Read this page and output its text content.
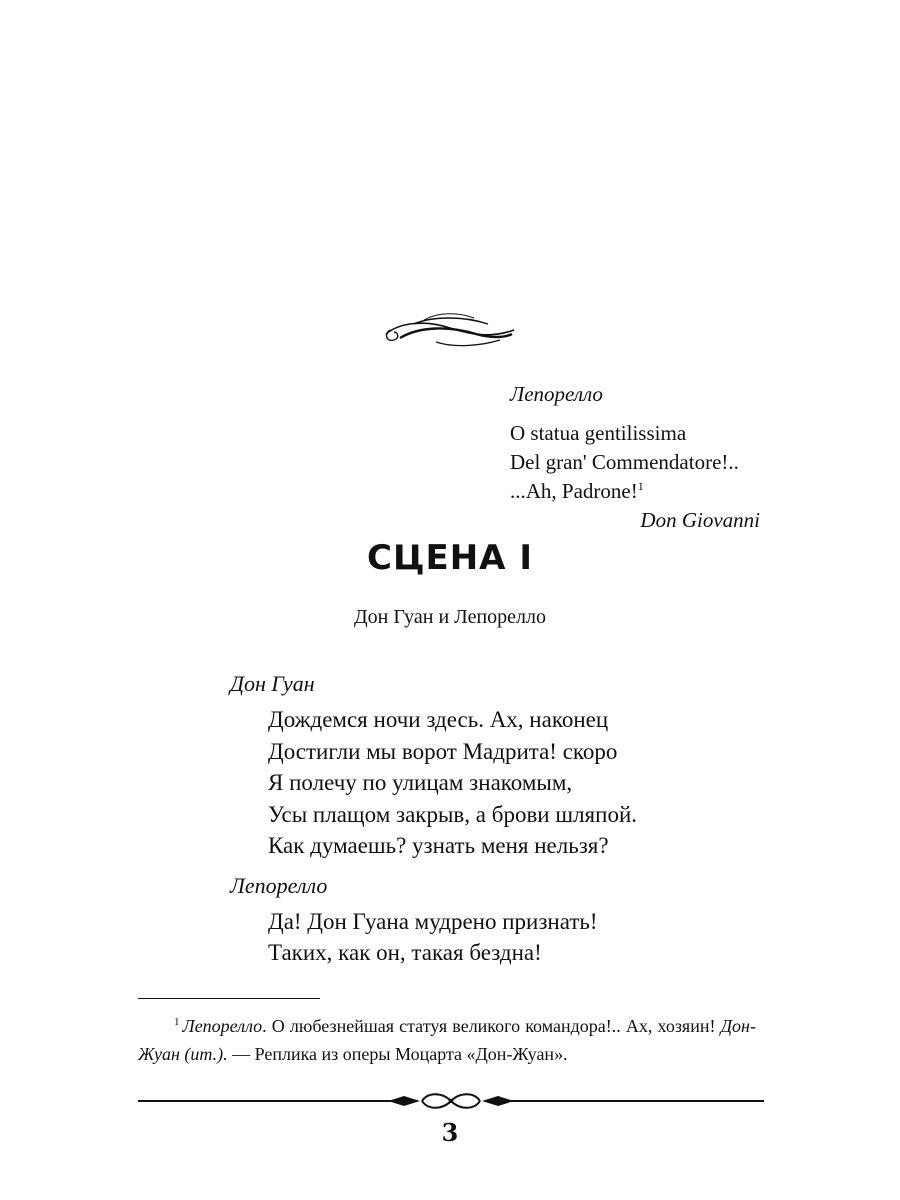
Лепорелло
O statua gentilissima
Del gran' Commendatore!..
...Ah, Padrone!$^1$
Don Giovanni
СЦЕНА I
Дон Гуан и Лепорелло
Дон Гуан
Дождемся ночи здесь. Ах, наконец
Достигли мы ворот Мадрита! скоро
Я полечу по улицам знакомым,
Усы плащом закрыв, а брови шляпой.
Как думаешь? узнать меня нельзя?
Лепорелло
Да! Дон Гуана мудрено признать!
Таких, как он, такая бездна!
$^1$ Лепорелло. О любезнейшая статуя великого командора!.. Ах, хозяин! Дон-Жуан (ит.). — Реплика из оперы Моцарта «Дон-Жуан».
3
